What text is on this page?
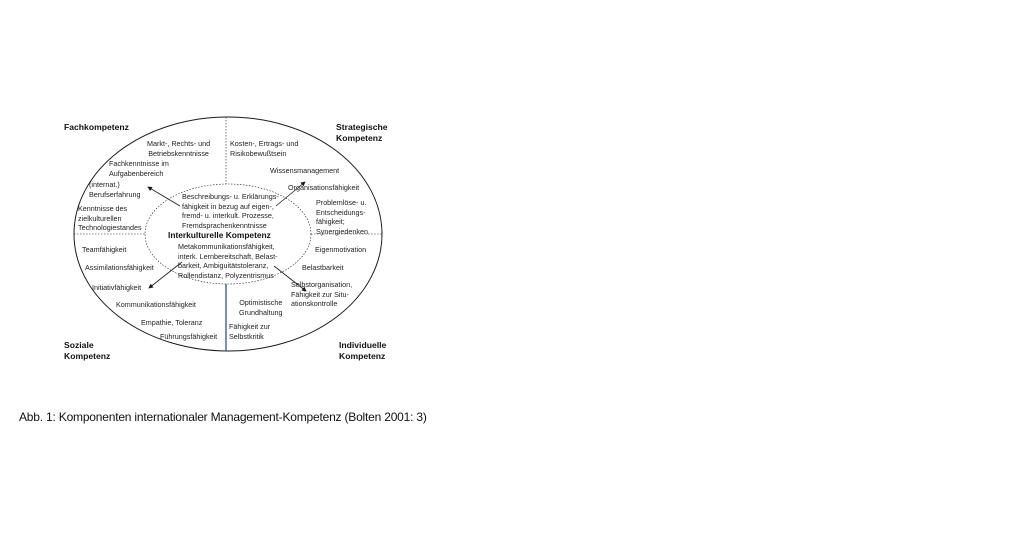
Fachkompetenz	Strategische
Kompetenz
Soziale
Kompetenz
Individuelle
Kompetenz
Markt-, Rechts- und
Betriebskenntnisse
Fachkenntnisse im
Aufgabenbereich
(internat.)
Berufserfahrung
Kenntnisse des
zielkulturellen
Technologiestandes
Kosten-, Ertrags- und
Risikobewußtsein
Wissensmanagement
Organisationsfähigkeit
Problemlöse- u.
Entscheidungs-
fähigkeit;
Synergiedenken
Teamfähigkeit
Assimilationsfähigkeit
Initiativfähigkeit
Kommunikationsfähigkeit
Empathie, Toleranz
Führungsfähigkeit
Eigenmotivation
Belastbarkeit
Selbstorganisation,
Fähigkeit zur Situ-
ationskontrolle
Optimistische
Grundhaltung
Fähigkeit zur
Selbstkritik
Beschreibungs- u. Erklärungs-
fähigkeit in bezug auf eigen-,
fremd- u. interkult. Prozesse,
Fremdsprachenkenntnisse
Interkulturelle Kompetenz
Metakommunikationsfähigkeit,
interk. Lernbereitschaft, Belast-
barkeit, Ambiguitätstoleranz,
Rollendistanz, Polyzentrismus
Abb. 1: Komponenten internationaler Management-Kompetenz (Bolten 2001: 3)
